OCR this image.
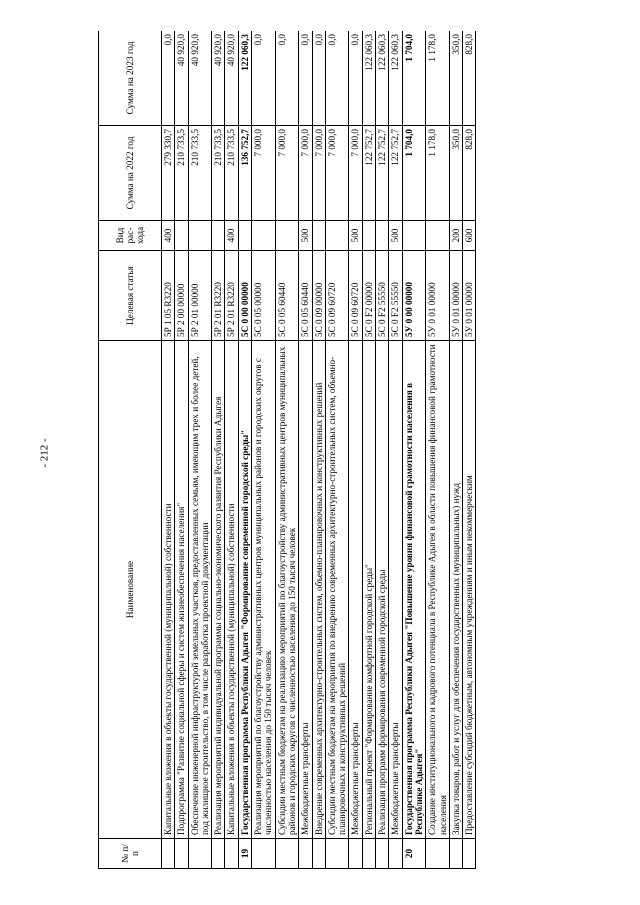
- 212 -
№ п/п	Наименование	Целевая статья	Вид рас-хода	Сумма на 2022 год	Сумма на 2023 год
	Капитальные вложения в объекты государственной (муниципальной) собственности	5Р 1 05 R3220	400	279 330,7	0,0
	Подпрограмма "Развитие социальной сферы и систем жизнеобеспечения населения"	5Р 2 00 00000		210 733,5	40 920,0
	Обеспечение инженерной инфраструктурой земельных участков, предоставленных семьям, имеющим трех и более детей, под жилищное строительство, в том числе разработка проектной документации	5Р 2 01 00000		210 733,5	40 920,0
	Реализация мероприятий индивидуальной программы социально-экономического развития Республики Адыгея	5Р 2 01 R3220		210 733,5	40 920,0
	Капитальные вложения в объекты государственной (муниципальной) собственности	5Р 2 01 R3220	400	210 733,5	40 920,0
19	Государственная программа Республики Адыгея "Формирование современной городской среды"	5С 0 00 00000		136 752,7	122 060,3
	Реализация мероприятий по благоустройству административных центров муниципальных районов и городских округов с численностью населения до 150 тысяч человек	5С 0 05 00000		7 000,0	0,0
	Субсидии местным бюджетам на реализацию мероприятий по благоустройству административных центров муниципальных районов и городских округов с численностью населения до 150 тысяч человек	5С 0 05 60440		7 000,0	0,0
	Межбюджетные трансферты	5С 0 05 60440	500	7 000,0	0,0
	Внедрение современных архитектурно-строительных систем, объемно-планировочных и конструктивных решений	5С 0 09 00000		7 000,0	0,0
	Субсидии местным бюджетам на мероприятия по внедрению современных архитектурно-строительных систем, объемно-планировочных и конструктивных решений	5С 0 09 60720		7 000,0	0,0
	Межбюджетные трансферты	5С 0 09 60720	500	7 000,0	0,0
	Региональный проект "Формирование комфортной городской среды"	5С 0 F2 00000		122 752,7	122 060,3
	Реализация программ формирования современной городской среды	5С 0 F2 55550		122 752,7	122 060,3
	Межбюджетные трансферты	5С 0 F2 55550	500	122 752,7	122 060,3
20	Государственная программа Республики Адыгея "Повышение уровня финансовой грамотности населения в Республике Адыгея"	5У 0 00 00000		1 704,0	1 704,0
	Создание институционального и кадрового потенциала в Республике Адыгея в области повышения финансовой грамотности населения	5У 0 01 00000		1 178,0	1 178,0
	Закупка товаров, работ и услуг для обеспечения государственных (муниципальных) нужд	5У 0 01 00000	200	350,0	350,0
	Предоставление субсидий бюджетным, автономным учреждениям и иным некоммерческим	5У 0 01 00000	600	828,0	828,0
